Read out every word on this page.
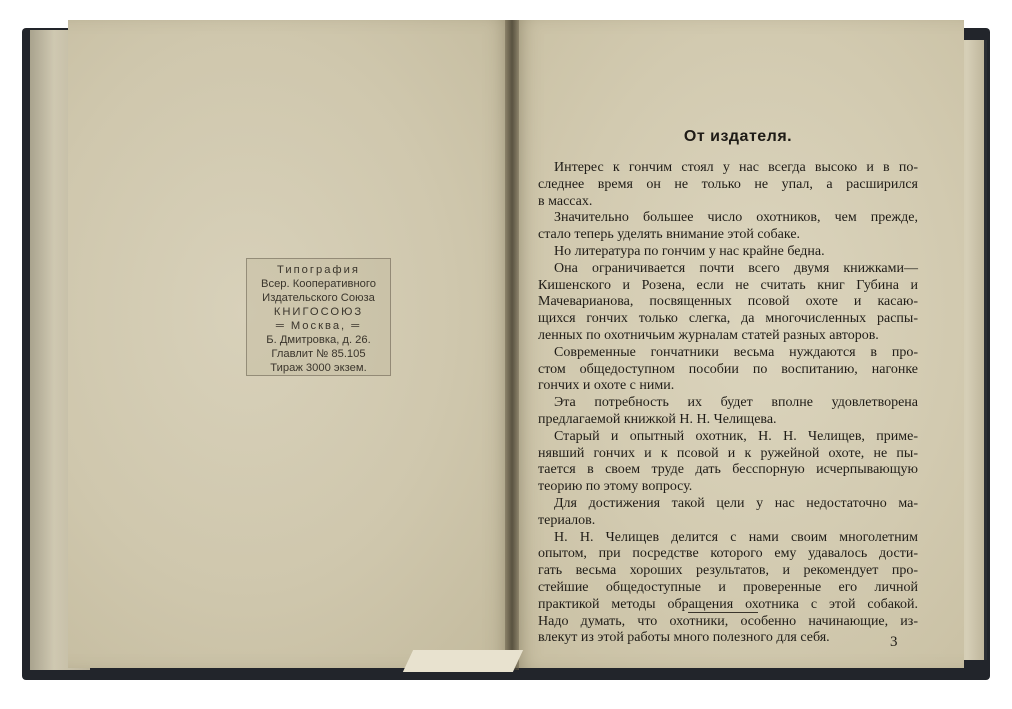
Типография
Всер. Кооперативного
Издательского Союза
КНИГОСОЮЗ
═ Москва, ═
Б. Дмитровка, д. 26.
Главлит № 85.105
Тираж 3000 экзем.
От издателя.
Интерес к гончим стоял у нас всегда высоко и в по-
следнее время он не только не упал, а расширился
в массах.
Значительно большее число охотников, чем прежде,
стало теперь уделять внимание этой собаке.
Но литература по гончим у нас крайне бедна.
Она ограничивается почти всего двумя книжками—
Кишенского и Розена, если не считать книг Губина и
Мачеварианова, посвященных псовой охоте и касаю-
щихся гончих только слегка, да многочисленных распы-
ленных по охотничьим журналам статей разных авторов.
Современные гончатники весьма нуждаются в про-
стом общедоступном пособии по воспитанию, нагонке
гончих и охоте с ними.
Эта потребность их будет вполне удовлетворена
предлагаемой книжкой Н. Н. Челищева.
Старый и опытный охотник, Н. Н. Челищев, приме-
нявший гончих и к псовой и к ружейной охоте, не пы-
тается в своем труде дать бесспорную исчерпывающую
теорию по этому вопросу.
Для достижения такой цели у нас недостаточно ма-
териалов.
Н. Н. Челищев делится с нами своим многолетним
опытом, при посредстве которого ему удавалось дости-
гать весьма хороших результатов, и рекомендует про-
стейшие общедоступные и проверенные его личной
практикой методы обращения охотника с этой собакой.
Надо думать, что охотники, особенно начинающие, из-
влекут из этой работы много полезного для себя.	3
